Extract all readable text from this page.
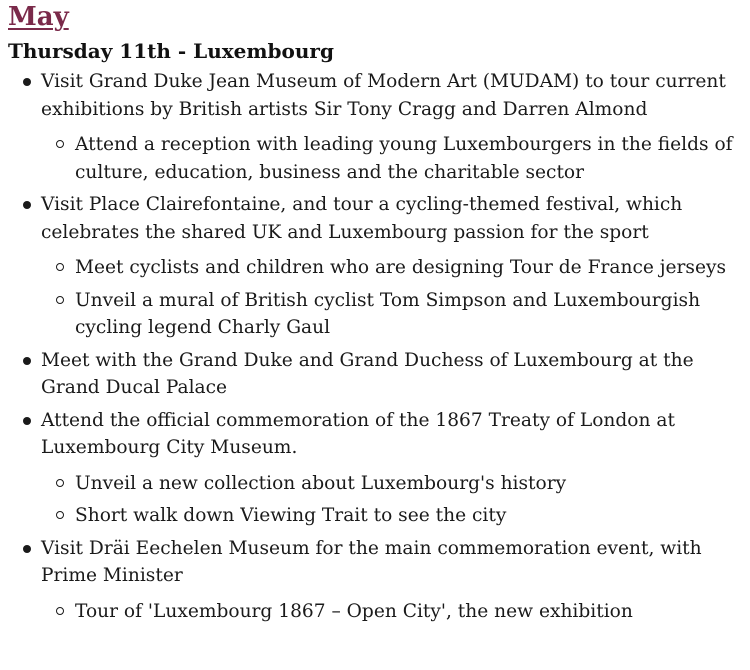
May
Thursday 11th - Luxembourg
Visit Grand Duke Jean Museum of Modern Art (MUDAM) to tour current exhibitions by British artists Sir Tony Cragg and Darren Almond
Attend a reception with leading young Luxembourgers in the fields of culture, education, business and the charitable sector
Visit Place Clairefontaine, and tour a cycling-themed festival, which celebrates the shared UK and Luxembourg passion for the sport
Meet cyclists and children who are designing Tour de France jerseys
Unveil a mural of British cyclist Tom Simpson and Luxembourgish cycling legend Charly Gaul
Meet with the Grand Duke and Grand Duchess of Luxembourg at the Grand Ducal Palace
Attend the official commemoration of the 1867 Treaty of London at Luxembourg City Museum.
Unveil a new collection about Luxembourg's history
Short walk down Viewing Trait to see the city
Visit Dräi Eechelen Museum for the main commemoration event, with Prime Minister
Tour of 'Luxembourg 1867 – Open City', the new exhibition
